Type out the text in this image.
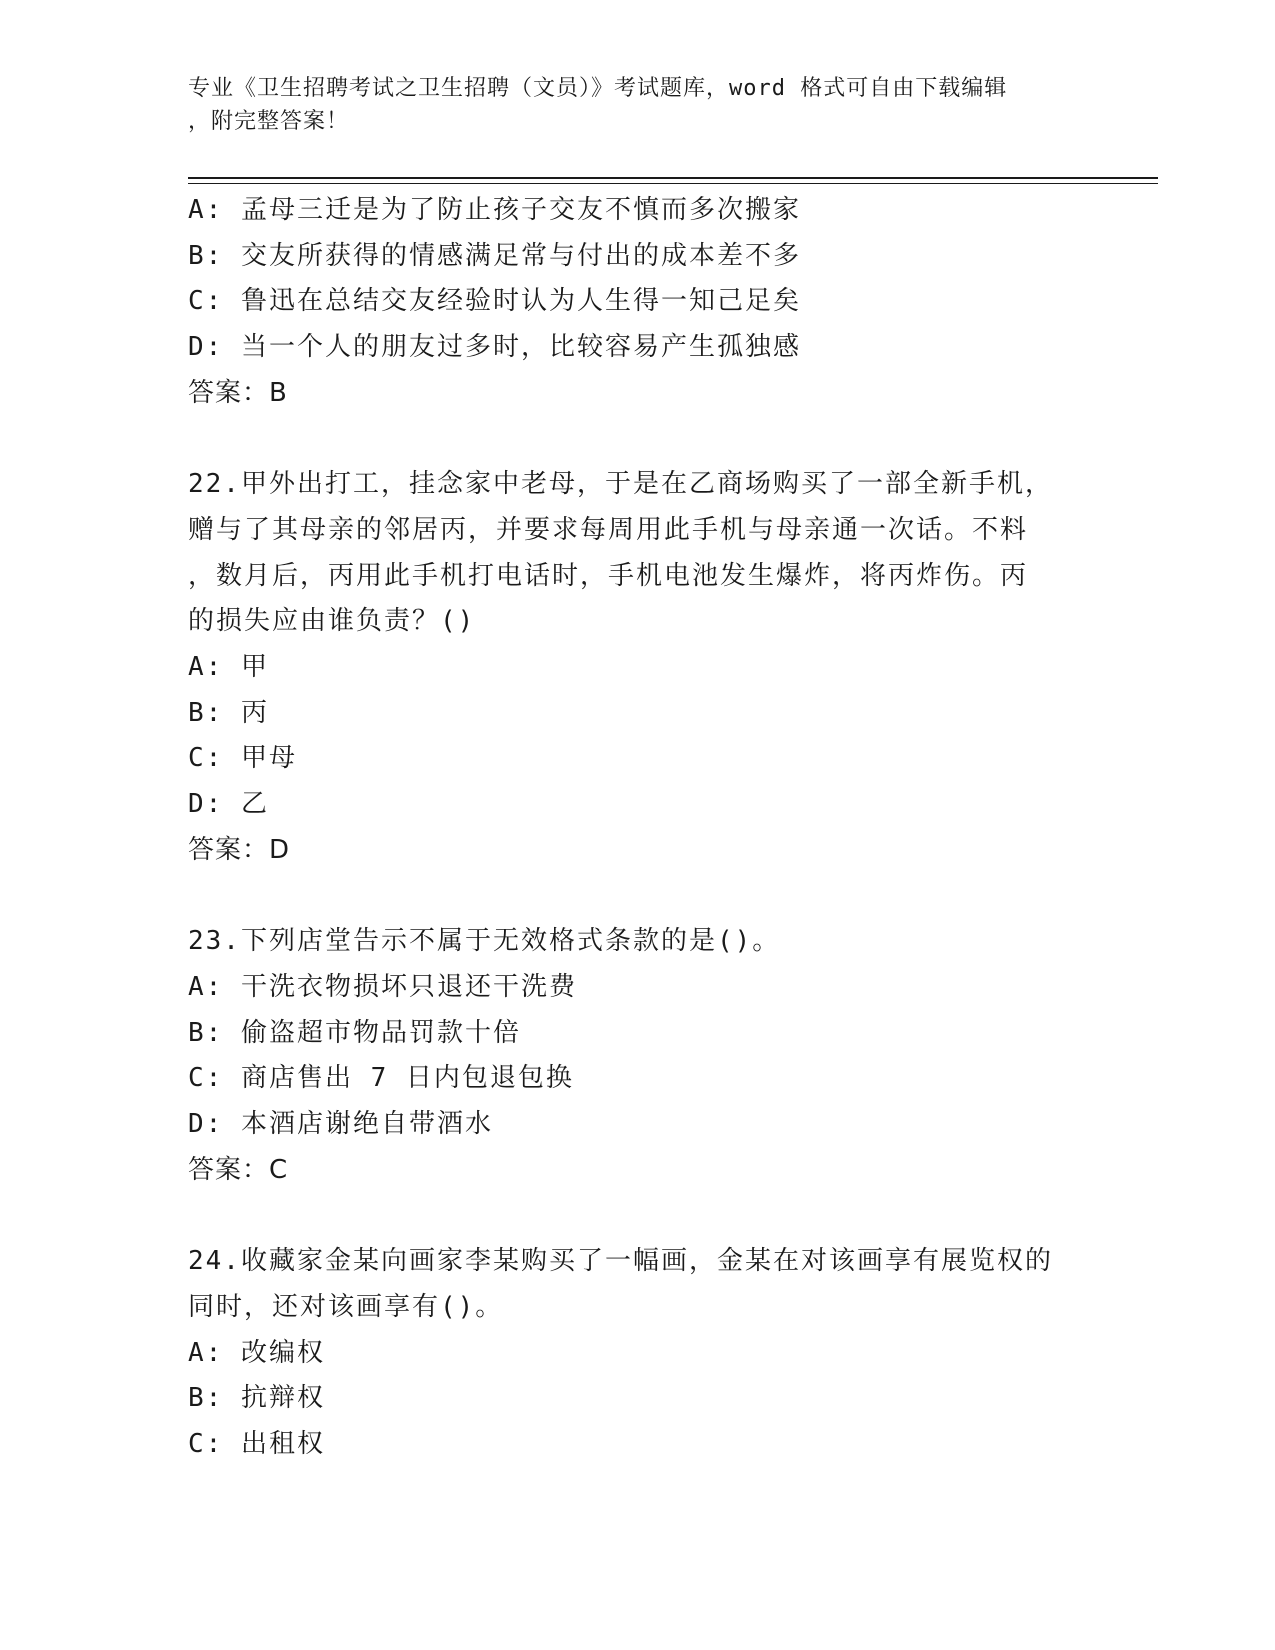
专业《卫生招聘考试之卫生招聘（文员）》考试题库，word 格式可自由下载编辑
，附完整答案！
A: 孟母三迁是为了防止孩子交友不慎而多次搬家
B: 交友所获得的情感满足常与付出的成本差不多
C: 鲁迅在总结交友经验时认为人生得一知己足矣
D: 当一个人的朋友过多时，比较容易产生孤独感
答案：B
22.甲外出打工，挂念家中老母，于是在乙商场购买了一部全新手机，
赠与了其母亲的邻居丙，并要求每周用此手机与母亲通一次话。不料
，数月后，丙用此手机打电话时，手机电池发生爆炸，将丙炸伤。丙
的损失应由谁负责？()
A: 甲
B: 丙
C: 甲母
D: 乙
答案：D
23.下列店堂告示不属于无效格式条款的是()。
A: 干洗衣物损坏只退还干洗费
B: 偷盗超市物品罚款十倍
C: 商店售出 7 日内包退包换
D: 本酒店谢绝自带酒水
答案：C
24.收藏家金某向画家李某购买了一幅画，金某在对该画享有展览权的
同时，还对该画享有()。
A: 改编权
B: 抗辩权
C: 出租权
